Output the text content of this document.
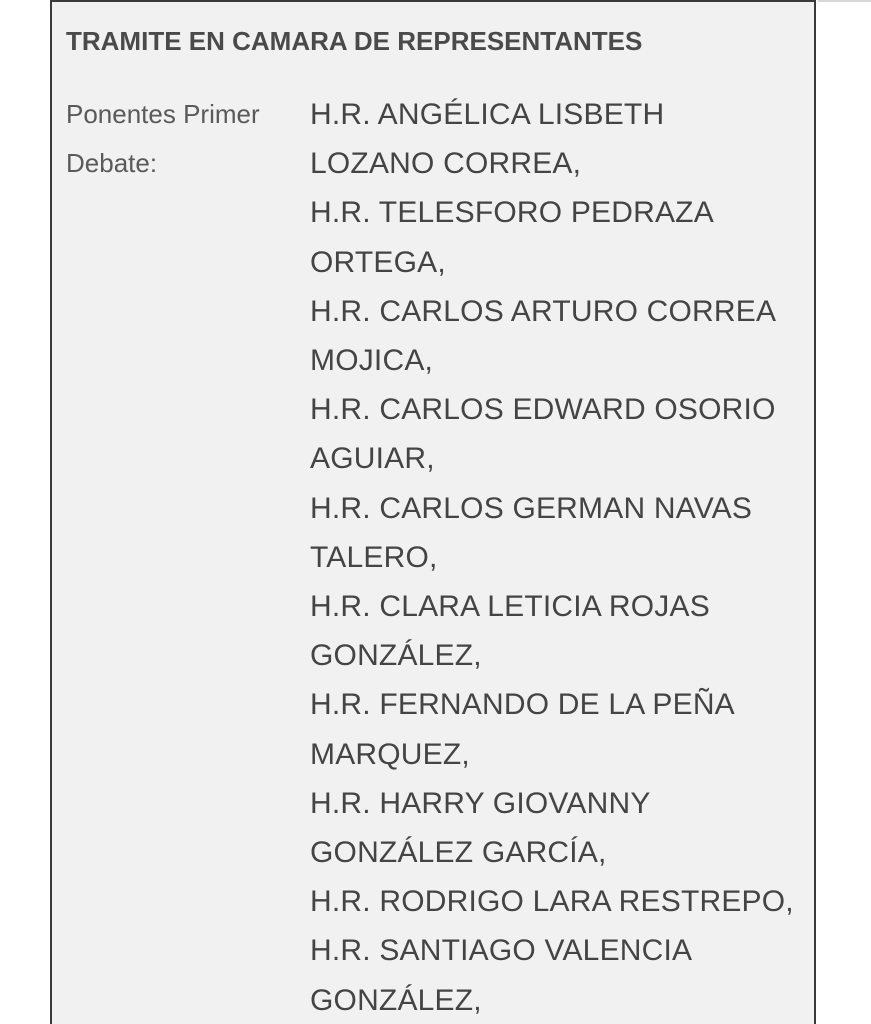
TRAMITE EN CAMARA DE REPRESENTANTES
Ponentes Primer
Debate:
H.R. ANGÉLICA LISBETH
LOZANO CORREA,
H.R. TELESFORO PEDRAZA
ORTEGA,
H.R. CARLOS ARTURO CORREA
MOJICA,
H.R. CARLOS EDWARD OSORIO
AGUIAR,
H.R. CARLOS GERMAN NAVAS
TALERO,
H.R. CLARA LETICIA ROJAS
GONZÁLEZ,
H.R. FERNANDO DE LA PEÑA
MARQUEZ,
H.R. HARRY GIOVANNY
GONZÁLEZ GARCÍA,
H.R. RODRIGO LARA RESTREPO,
H.R. SANTIAGO VALENCIA
GONZÁLEZ,
